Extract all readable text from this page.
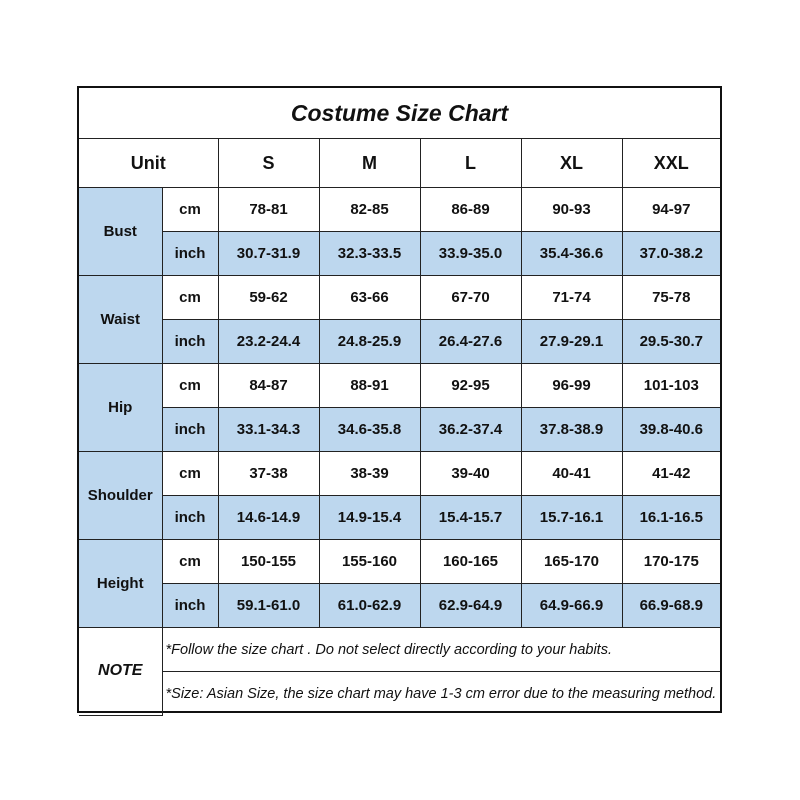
Costume Size Chart						
Unit		S	M	L	XL	XXL
Bust	cm	78-81	82-85	86-89	90-93	94-97
	inch	30.7-31.9	32.3-33.5	33.9-35.0	35.4-36.6	37.0-38.2
Waist	cm	59-62	63-66	67-70	71-74	75-78
	inch	23.2-24.4	24.8-25.9	26.4-27.6	27.9-29.1	29.5-30.7
Hip	cm	84-87	88-91	92-95	96-99	101-103
	inch	33.1-34.3	34.6-35.8	36.2-37.4	37.8-38.9	39.8-40.6
Shoulder	cm	37-38	38-39	39-40	40-41	41-42
	inch	14.6-14.9	14.9-15.4	15.4-15.7	15.7-16.1	16.1-16.5
Height	cm	150-155	155-160	160-165	165-170	170-175
	inch	59.1-61.0	61.0-62.9	62.9-64.9	64.9-66.9	66.9-68.9
NOTE	*Follow the size chart . Do not select directly according to your habits.					
	*Size: Asian Size, the size chart may have 1-3 cm error due to the measuring method.					
